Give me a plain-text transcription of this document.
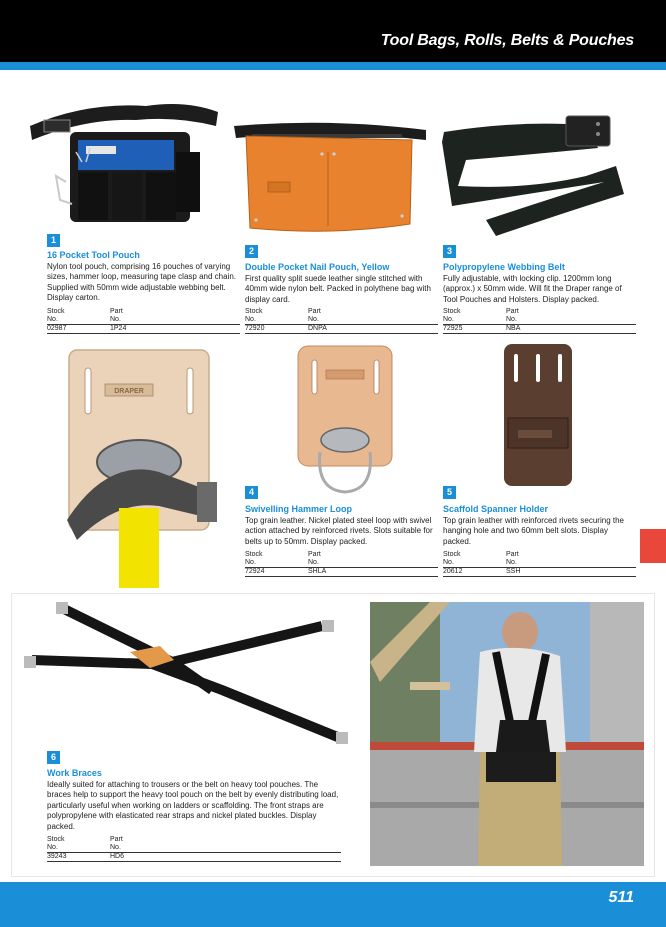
Tool Bags, Rolls, Belts & Pouches
1
16 Pocket Tool Pouch
Nylon tool pouch, comprising 16 pouches of varying sizes, hammer loop, measuring tape clasp and chain. Supplied with 50mm wide adjustable webbing belt. Display carton.
Stock
No.
Part
No.
02987	1P24
2
Double Pocket Nail Pouch, Yellow
First quality split suede leather single stitched with 40mm wide nylon belt. Packed in polythene bag with display card.
Stock
No.
Part
No.
72920	DNPA
3
Polypropylene Webbing Belt
Fully adjustable, with locking clip. 1200mm long (approx.) x 50mm wide. Will fit the Draper range of Tool Pouches and Holsters. Display packed.
Stock
No.
Part
No.
72925	NBA
DRAPER
4
Swivelling Hammer Loop
Top grain leather. Nickel plated steel loop with swivel action attached by reinforced rivets. Slots suitable for belts up to 50mm. Display packed.
Stock
No.
Part
No.
72924	SHLA
5
Scaffold Spanner Holder
Top grain leather with reinforced rivets securing the hanging hole and two 60mm belt slots. Display packed.
Stock
No.
Part
No.
20612	SSH
6
Work Braces
Ideally suited for attaching to trousers or the belt on heavy tool pouches. The braces help to support the heavy tool pouch on the belt by evenly distributing load, particularly useful when working on ladders or scaffolding. The front straps are polypropylene with elasticated rear straps and nickel plated buckles. Display packed.
Stock
No.
Part
No.
39243	HD6
511
